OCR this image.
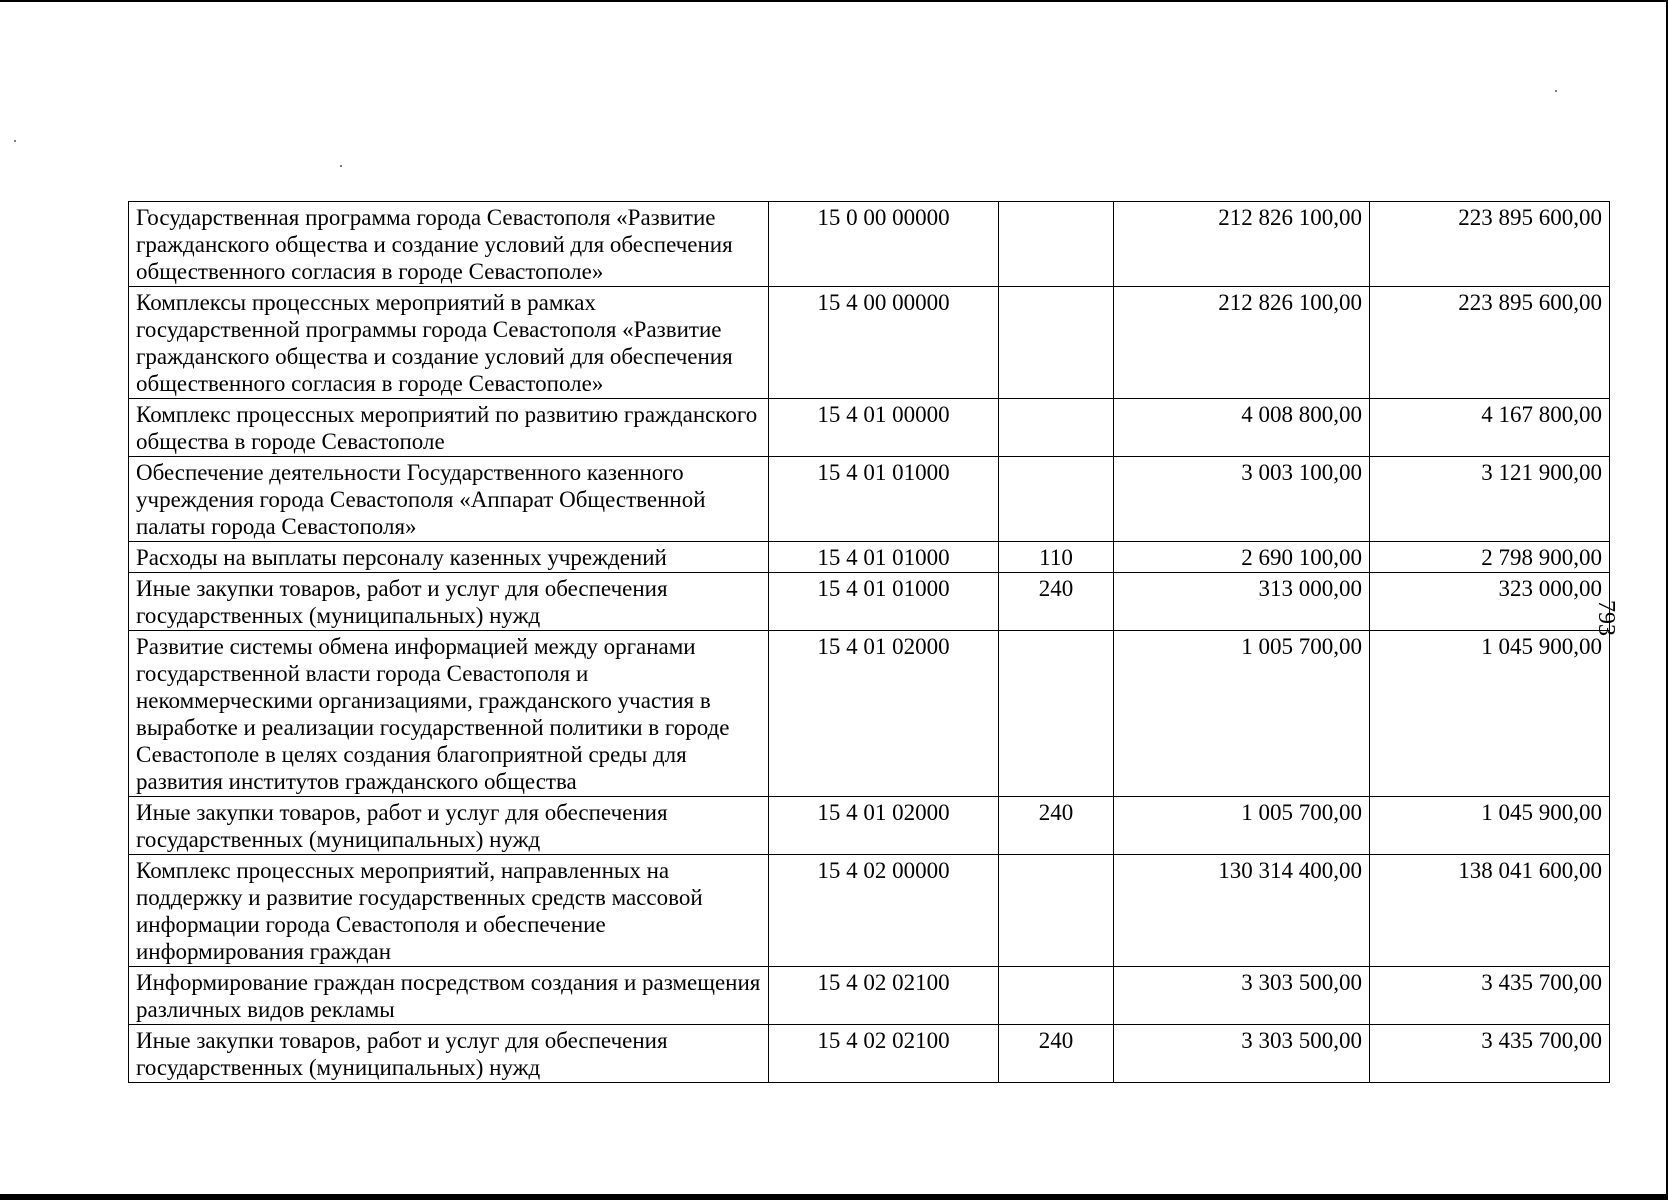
Государственная программа города Севастополя «Развитие гражданского общества и создание условий для обеспечения общественного согласия в городе Севастополе»	15 0 00 00000		212 826 100,00	223 895 600,00
Комплексы процессных мероприятий в рамках государственной программы города Севастополя «Развитие гражданского общества и создание условий для обеспечения общественного согласия в городе Севастополе»	15 4 00 00000		212 826 100,00	223 895 600,00
Комплекс процессных мероприятий по развитию гражданского общества в городе Севастополе	15 4 01 00000		4 008 800,00	4 167 800,00
Обеспечение деятельности Государственного казенного учреждения города Севастополя «Аппарат Общественной палаты города Севастополя»	15 4 01 01000		3 003 100,00	3 121 900,00
Расходы на выплаты персоналу казенных учреждений	15 4 01 01000	110	2 690 100,00	2 798 900,00
Иные закупки товаров, работ и услуг для обеспечения государственных (муниципальных) нужд	15 4 01 01000	240	313 000,00	323 000,00
Развитие системы обмена информацией между органами государственной власти города Севастополя и некоммерческими организациями, гражданского участия в выработке и реализации государственной политики в городе Севастополе в целях создания благоприятной среды для развития институтов гражданского общества	15 4 01 02000		1 005 700,00	1 045 900,00
Иные закупки товаров, работ и услуг для обеспечения государственных (муниципальных) нужд	15 4 01 02000	240	1 005 700,00	1 045 900,00
Комплекс процессных мероприятий, направленных на поддержку и развитие государственных средств массовой информации города Севастополя и обеспечение информирования граждан	15 4 02 00000		130 314 400,00	138 041 600,00
Информирование граждан посредством создания и размещения различных видов рекламы	15 4 02 02100		3 303 500,00	3 435 700,00
Иные закупки товаров, работ и услуг для обеспечения государственных (муниципальных) нужд	15 4 02 02100	240	3 303 500,00	3 435 700,00
793
